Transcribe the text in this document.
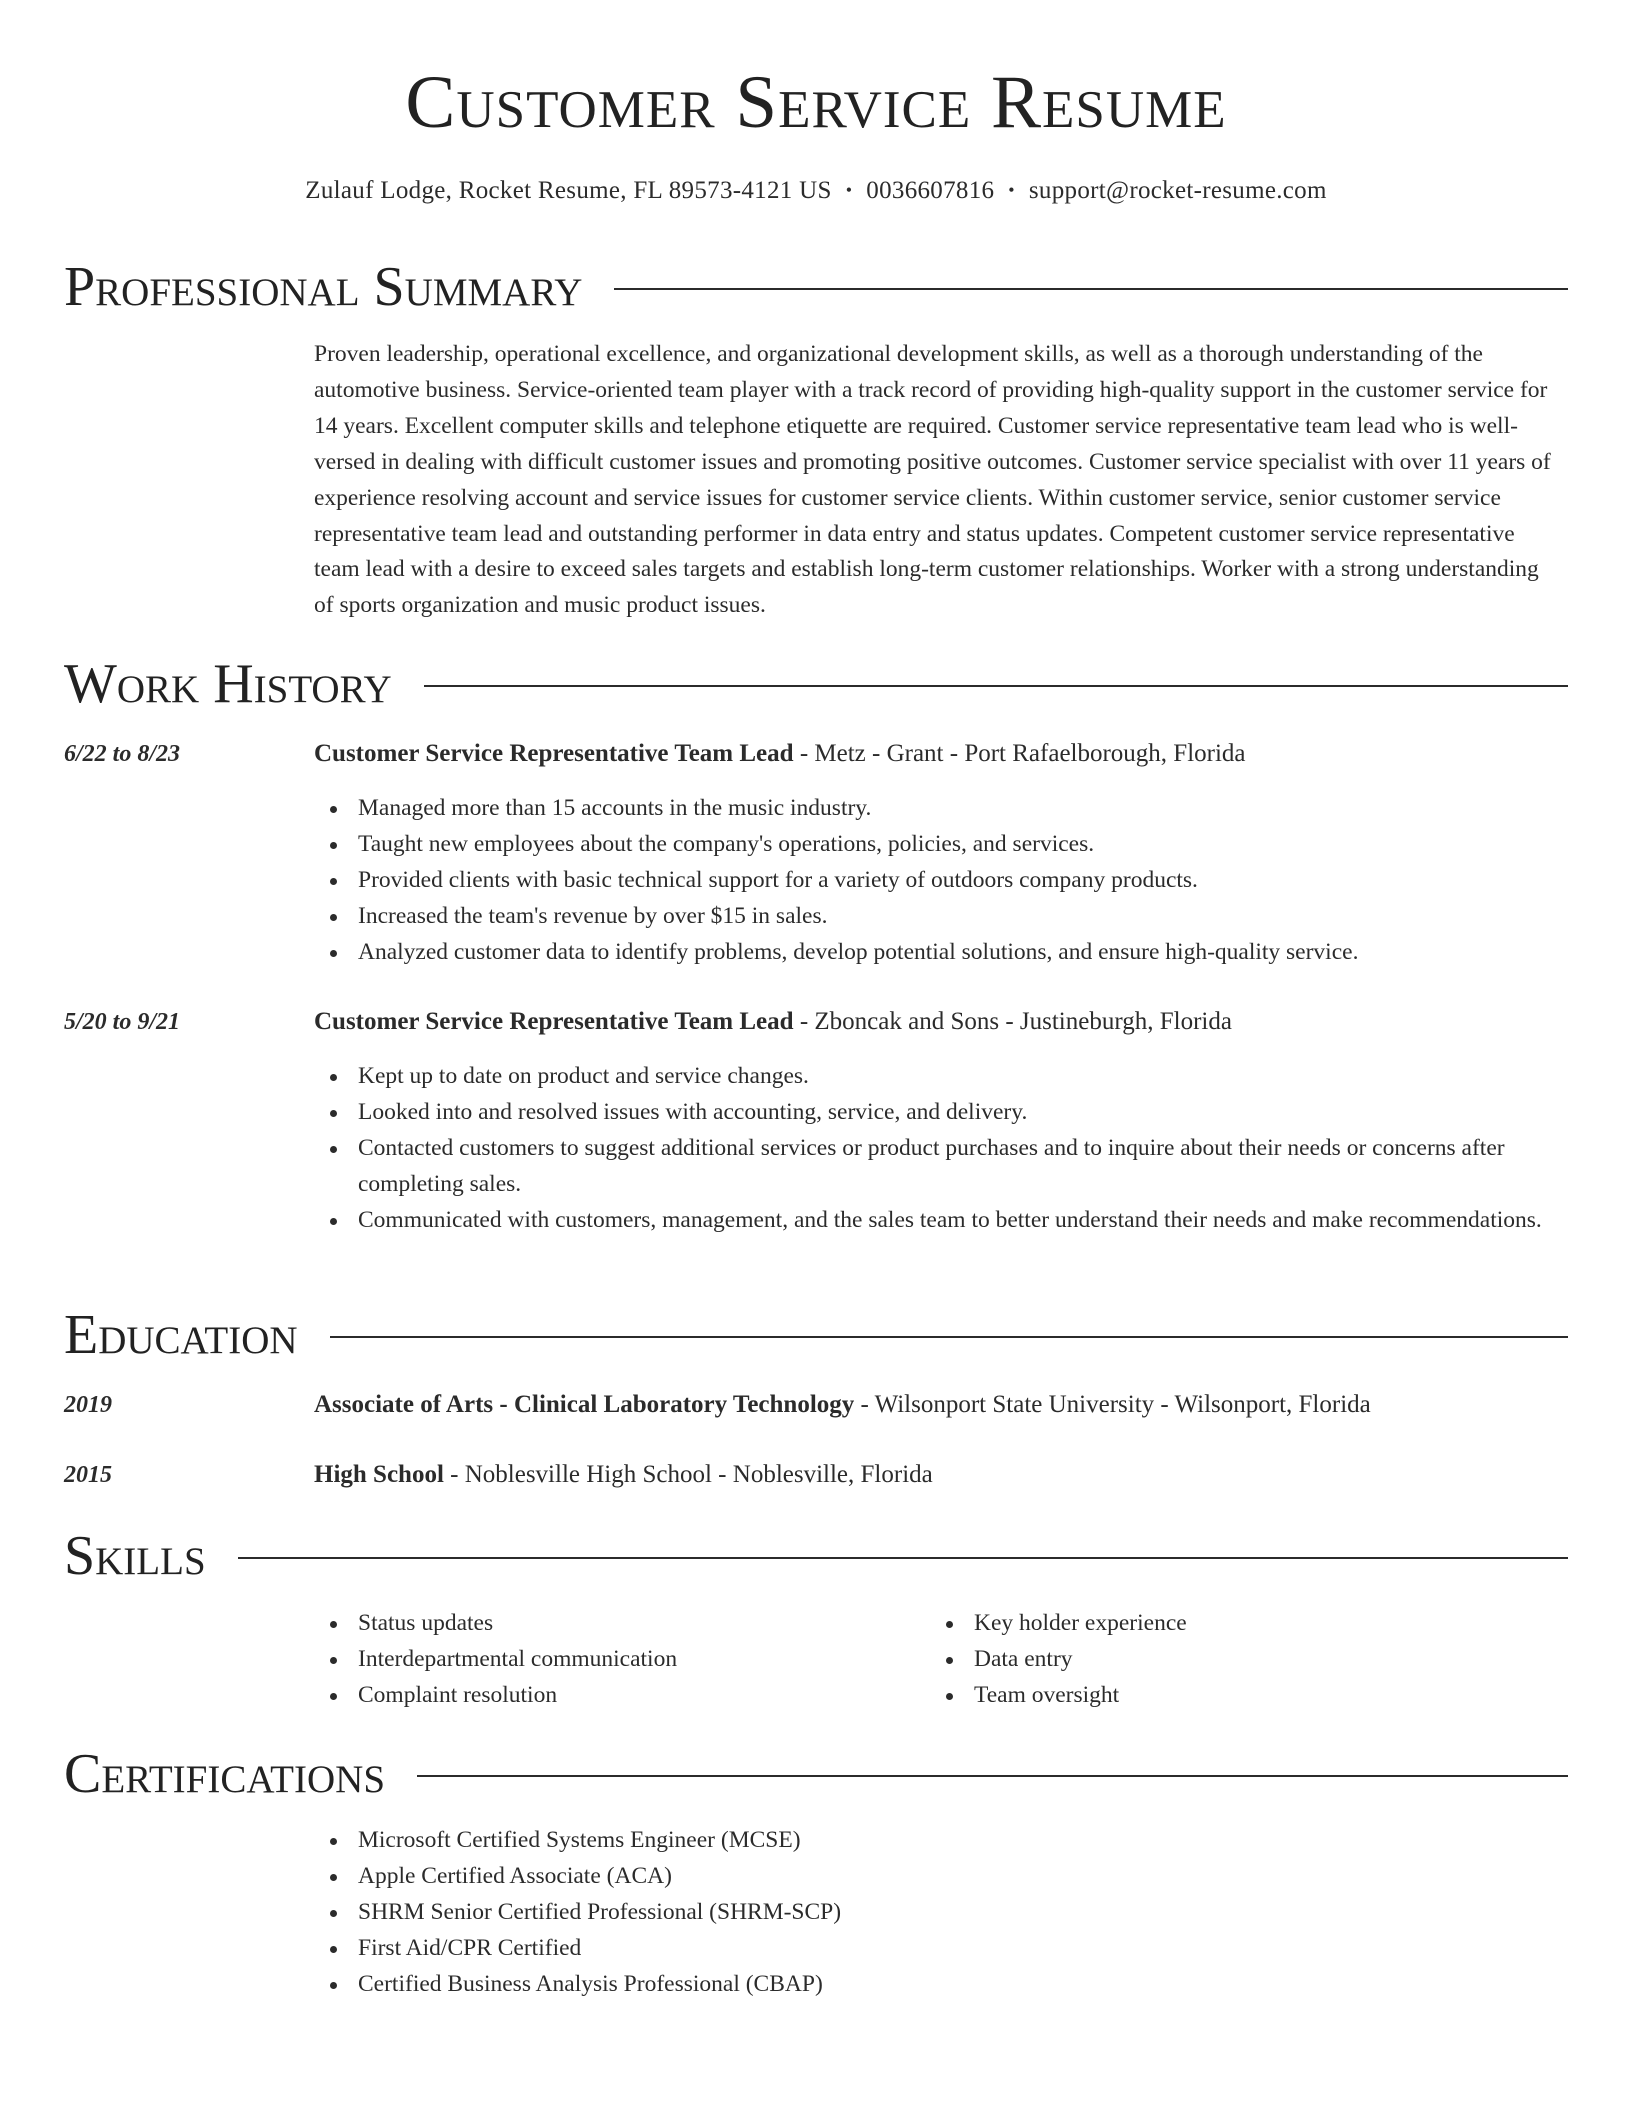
Customer Service Resume
Zulauf Lodge, Rocket Resume, FL 89573-4121 US • 0036607816 • support@rocket-resume.com
Professional Summary

Proven leadership, operational excellence, and organizational development skills, as well as a thorough understanding of the automotive business. Service-oriented team player with a track record of providing high-quality support in the customer service for 14 years. Excellent computer skills and telephone etiquette are required. Customer service representative team lead who is well-versed in dealing with difficult customer issues and promoting positive outcomes. Customer service specialist with over 11 years of experience resolving account and service issues for customer service clients. Within customer service, senior customer service representative team lead and outstanding performer in data entry and status updates. Competent customer service representative team lead with a desire to exceed sales targets and establish long-term customer relationships. Worker with a strong understanding of sports organization and music product issues.

Work History
6/22 to 8/23	Customer Service Representative Team Lead - Metz - Grant - Port Rafaelborough, Florida
Managed more than 15 accounts in the music industry.
Taught new employees about the company's operations, policies, and services.
Provided clients with basic technical support for a variety of outdoors company products.
Increased the team's revenue by over $15 in sales.
Analyzed customer data to identify problems, develop potential solutions, and ensure high-quality service.
5/20 to 9/21	Customer Service Representative Team Lead - Zboncak and Sons - Justineburgh, Florida
Kept up to date on product and service changes.
Looked into and resolved issues with accounting, service, and delivery.
Contacted customers to suggest additional services or product purchases and to inquire about their needs or concerns after completing sales.
Communicated with customers, management, and the sales team to better understand their needs and make recommendations.
Education
2019	Associate of Arts - Clinical Laboratory Technology - Wilsonport State University - Wilsonport, Florida
2015	High School - Noblesville High School - Noblesville, Florida
Skills
Status updates
Interdepartmental communication
Complaint resolution
Key holder experience
Data entry
Team oversight
Certifications
Microsoft Certified Systems Engineer (MCSE)
Apple Certified Associate (ACA)
SHRM Senior Certified Professional (SHRM-SCP)
First Aid/CPR Certified
Certified Business Analysis Professional (CBAP)
